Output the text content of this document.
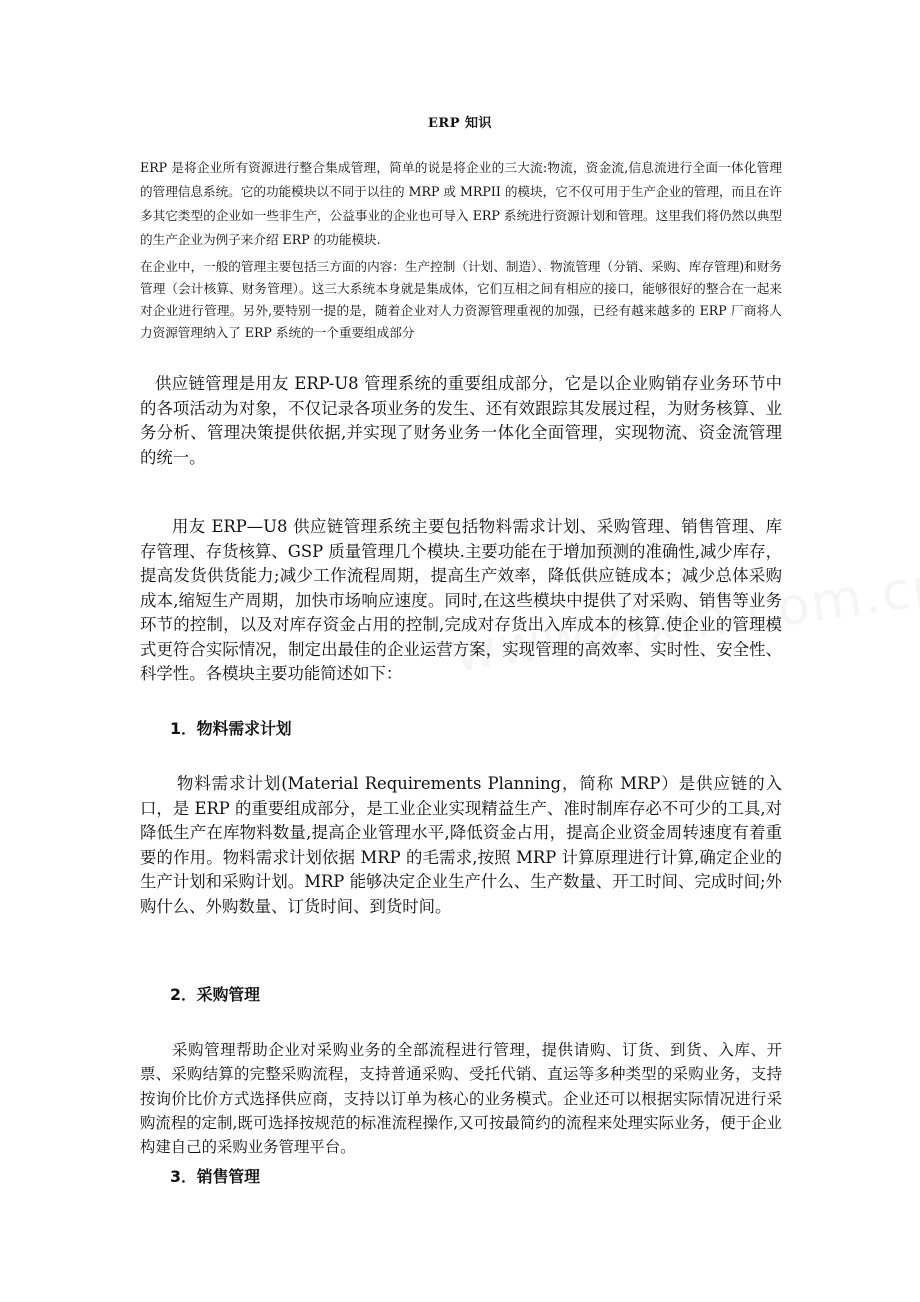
ERP 知识

ERP 是将企业所有资源进行整合集成管理，简单的说是将企业的三大流:物流，资金流,信息流进行全面一体化管理的管理信息系统。它的功能模块以不同于以往的 MRP 或 MRPII 的模块，它不仅可用于生产企业的管理，而且在许多其它类型的企业如一些非生产，公益事业的企业也可导入 ERP 系统进行资源计划和管理。这里我们将仍然以典型的生产企业为例子来介绍 ERP 的功能模块.

在企业中，一般的管理主要包括三方面的内容：生产控制（计划、制造）、物流管理（分销、采购、库存管理)和财务管理（会计核算、财务管理）。这三大系统本身就是集成体，它们互相之间有相应的接口，能够很好的整合在一起来对企业进行管理。另外,要特别一提的是，随着企业对人力资源管理重视的加强，已经有越来越多的 ERP 厂商将人力资源管理纳入了 ERP 系统的一个重要组成部分

供应链管理是用友 ERP-U8 管理系统的重要组成部分，它是以企业购销存业务环节中的各项活动为对象，不仅记录各项业务的发生、还有效跟踪其发展过程，为财务核算、业务分析、管理决策提供依据,并实现了财务业务一体化全面管理，实现物流、资金流管理的统一。

用友 ERP—U8 供应链管理系统主要包括物料需求计划、采购管理、销售管理、库存管理、存货核算、GSP 质量管理几个模块.主要功能在于增加预测的准确性,减少库存，提高发货供货能力;减少工作流程周期，提高生产效率，降低供应链成本；减少总体采购成本,缩短生产周期，加快市场响应速度。同时,在这些模块中提供了对采购、销售等业务环节的控制，以及对库存资金占用的控制,完成对存货出入库成本的核算.使企业的管理模式更符合实际情况，制定出最佳的企业运营方案，实现管理的高效率、实时性、安全性、科学性。各模块主要功能简述如下：

1．物料需求计划

物料需求计划(Material Requirements Planning，简称 MRP）是供应链的入口，是 ERP 的重要组成部分，是工业企业实现精益生产、准时制库存必不可少的工具,对降低生产在库物料数量,提高企业管理水平,降低资金占用，提高企业资金周转速度有着重要的作用。物料需求计划依据 MRP 的毛需求,按照 MRP 计算原理进行计算,确定企业的生产计划和采购计划。MRP 能够决定企业生产什么、生产数量、开工时间、完成时间;外购什么、外购数量、订货时间、到货时间。

2．采购管理

采购管理帮助企业对采购业务的全部流程进行管理，提供请购、订货、到货、入库、开票、采购结算的完整采购流程，支持普通采购、受托代销、直运等多种类型的采购业务，支持按询价比价方式选择供应商，支持以订单为核心的业务模式。企业还可以根据实际情况进行采购流程的定制,既可选择按规范的标准流程操作,又可按最简约的流程来处理实际业务，便于企业构建自己的采购业务管理平台。

3．销售管理
